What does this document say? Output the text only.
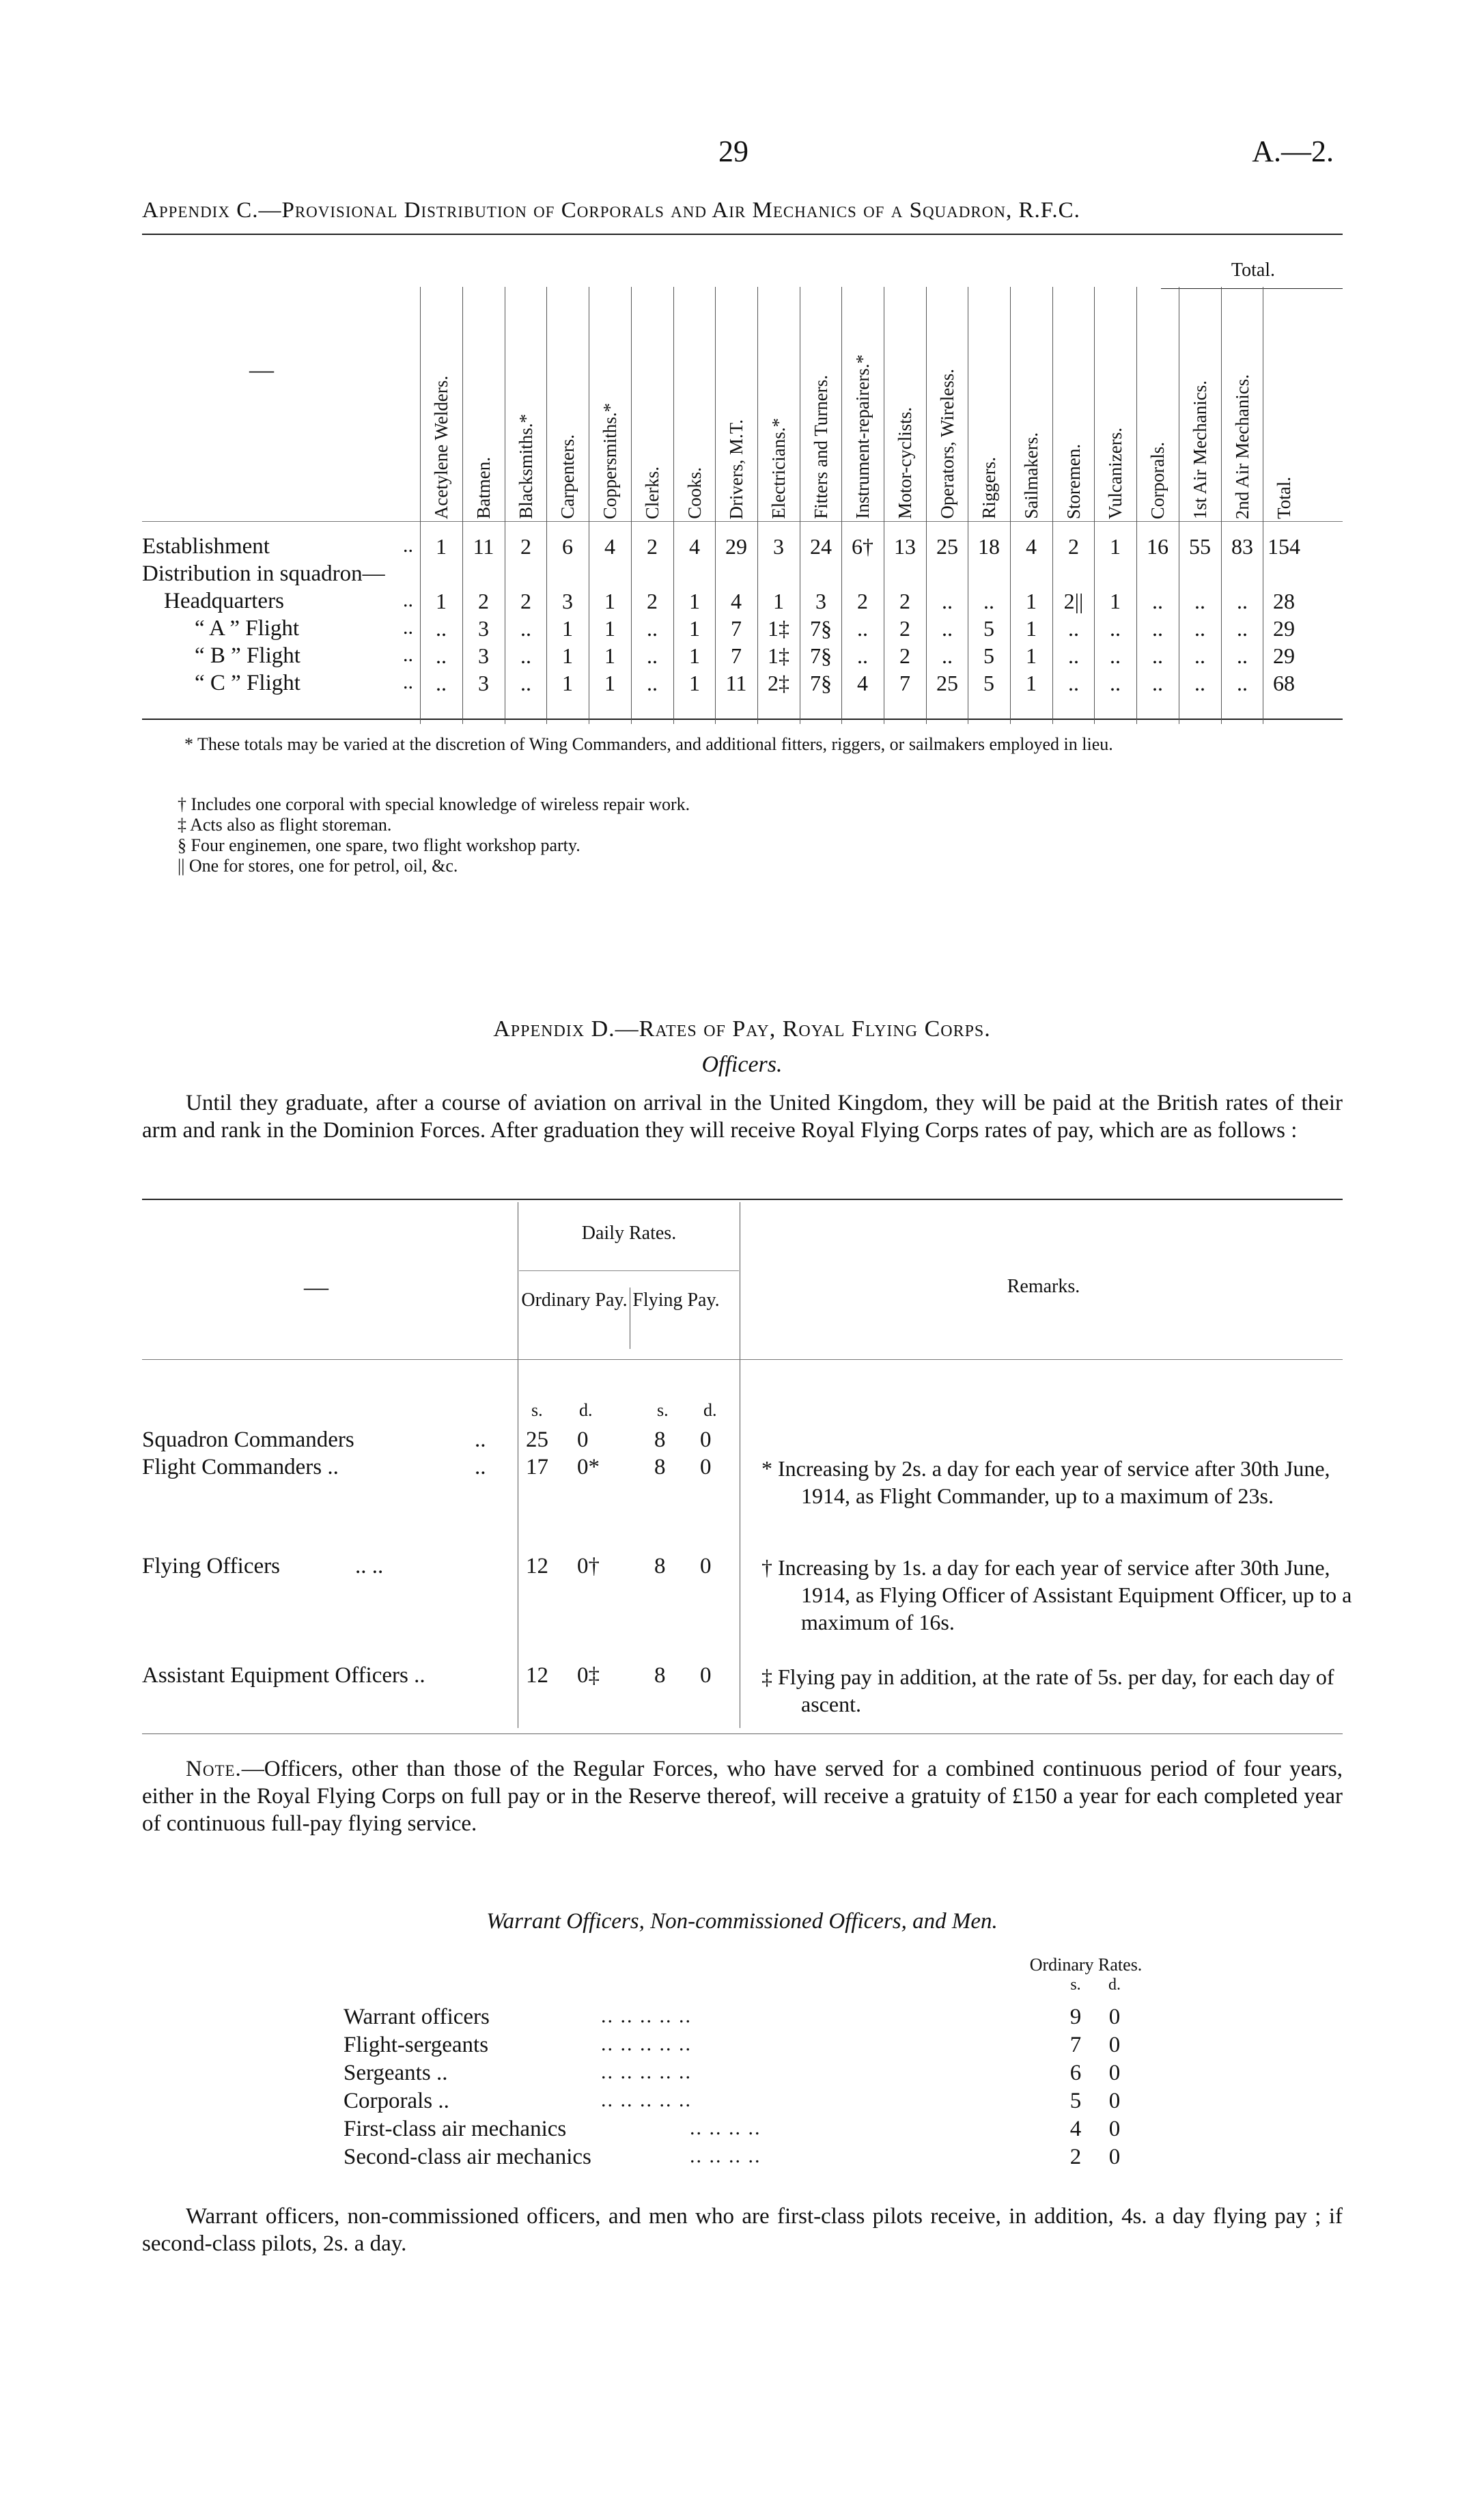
29	A.—2.
Appendix C.—Provisional Distribution of Corporals and Air Mechanics of a Squadron, R.F.C.
Total.
—
Acetylene Welders. Batmen. Blacksmiths.* Carpenters. Coppersmiths.* Clerks. Cooks. Drivers, M.T. Electricians.* Fitters and Turners. Instrument-repairers.* Motor-cyclists. Operators, Wireless. Riggers. Sailmakers. Storemen. Vulcanizers. Corporals. 1st Air Mechanics. 2nd Air Mechanics. Total.
Establishment	..	1	11	2	6	4	2	4	29	3	24 6† 13 25 18	4	2	1	16 55 83 154
Distribution in squadron—
Headquarters	..	1	2	2	3	1	2	1	4	1	3	2	2	..	..	1	2||	1	..	..	..	28
“ A ” Flight	..	..	3	..	1	1	..	1	7	1‡ 7§	..	2	..	5	1	..	..	..	..	..	29
“ B ” Flight	..	..	3	..	1	1	..	1	7	1‡ 7§	..	2	..	5	1	..	..	..	..	..	29
“ C ” Flight	..	..	3	..	1	1	..	1	11 2‡ 7§	4	7	25	5	1	..	..	..	..	..	68
* These totals may be varied at the discretion of Wing Commanders, and additional fitters, riggers, or sailmakers employed in lieu.
† Includes one corporal with special knowledge of wireless repair work.
‡ Acts also as flight storeman.
§ Four enginemen, one spare, two flight workshop party.
|| One for stores, one for petrol, oil, &c.
Appendix D.—Rates of Pay, Royal Flying Corps.
Officers.
Until they graduate, after a course of aviation on arrival in the United Kingdom, they will be paid at the British rates of their arm and rank in the Dominion Forces. After graduation they will receive Royal Flying Corps rates of pay, which are as follows :
Daily Rates.
Ordinary Pay. Flying Pay.
Remarks.
—
s. d.	s. d.
Squadron Commanders	.. 25 0	8 0
Flight Commanders ..	.. 17 0* 8 0 * Increasing by 2s. a day for each year of service after 30th June, 1914, as Flight Commander, up to a maximum of 23s.
Flying Officers	.. ..	12 0† 8 0 † Increasing by 1s. a day for each year of service after 30th June, 1914, as Flying Officer of Assistant Equipment Officer, up to a maximum of 16s.
Assistant Equipment Officers ..	12 0‡ 8 0 ‡ Flying pay in addition, at the rate of 5s. per day, for each day of ascent.
Note.—Officers, other than those of the Regular Forces, who have served for a combined continuous period of four years, either in the Royal Flying Corps on full pay or in the Reserve thereof, will receive a gratuity of £150 a year for each completed year of continuous full-pay flying service.
Warrant Officers, Non-commissioned Officers, and Men.
Ordinary Rates.
s.	d.
Warrant officers	.. .. .. .. ..	9	0
Flight-sergeants	.. .. .. .. ..	7	0
Sergeants ..	.. .. .. .. ..	6	0
Corporals ..	.. .. .. .. ..	5	0
First-class air mechanics	.. .. .. ..	4	0
Second-class air mechanics	.. .. .. ..	2	0
Warrant officers, non-commissioned officers, and men who are first-class pilots receive, in addition, 4s. a day flying pay ; if second-class pilots, 2s. a day.
